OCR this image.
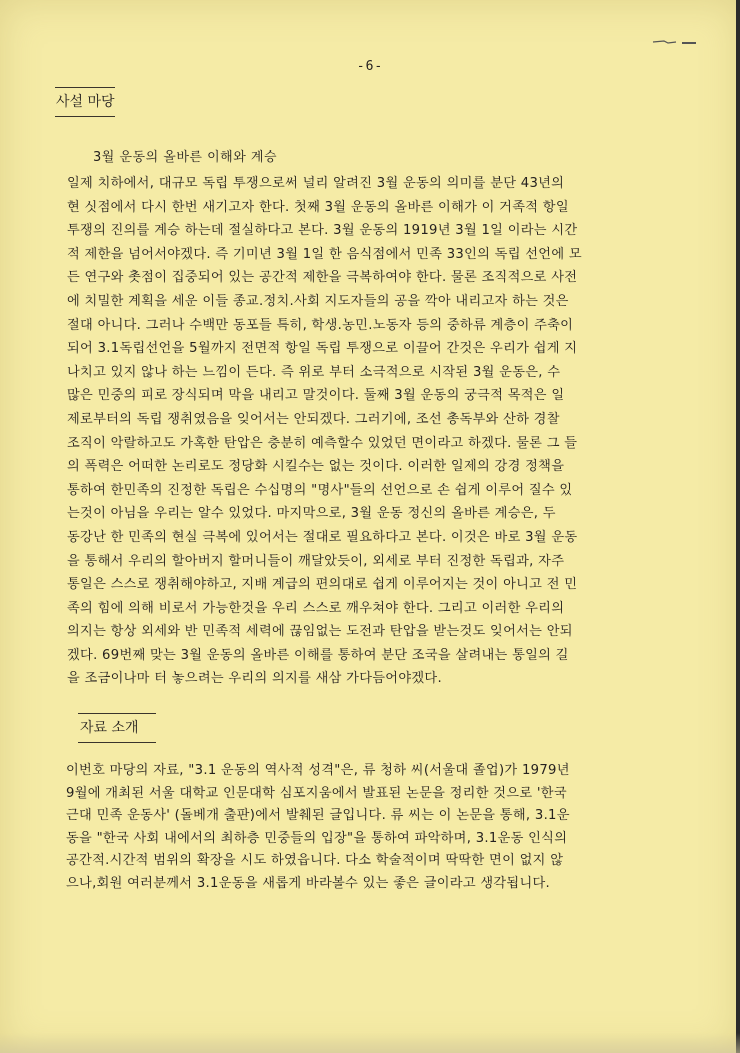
-6-
사설 마당
3월 운동의 올바른 이해와 계승
일제 치하에서, 대규모 독립 투쟁으로써 널리 알려진 3월 운동의 의미를 분단 43년의
현 싯점에서 다시 한번 새기고자 한다. 첫째 3월 운동의 올바른 이해가 이 거족적 항일
투쟁의 진의를 계승 하는데 절실하다고 본다. 3월 운동의 1919년 3월 1일 이라는 시간
적 제한을 넘어서야겠다. 즉 기미년 3월 1일 한 음식점에서 민족 33인의 독립 선언에 모
든 연구와 촛점이 집중되어 있는 공간적 제한을 극복하여야 한다. 물론 조직적으로 사전
에 치밀한 계획을 세운 이들 종교.정치.사회 지도자들의 공을 깍아 내리고자 하는 것은
절대 아니다. 그러나 수백만 동포들 특히, 학생.농민.노동자 등의 중하류 계층이 주축이
되어 3.1독립선언을 5월까지 전면적 항일 독립 투쟁으로 이끌어 간것은 우리가 쉽게 지
나치고 있지 않나 하는 느낌이 든다. 즉 위로 부터 소극적으로 시작된 3월 운동은, 수
많은 민중의 피로 장식되며 막을 내리고 말것이다. 둘째 3월 운동의 궁극적 목적은 일
제로부터의 독립 쟁취였음을 잊어서는 안되겠다. 그러기에, 조선 총독부와 산하 경찰
조직이 악랄하고도 가혹한 탄압은 충분히 예측할수 있었던 면이라고 하겠다. 물론 그 들
의 폭력은 어떠한 논리로도 정당화 시킬수는 없는 것이다. 이러한 일제의 강경 정책을
통하여 한민족의 진정한 독립은 수십명의 "명사"들의 선언으로 손 쉽게 이루어 질수 있
는것이 아님을 우리는 알수 있었다. 마지막으로, 3월 운동 정신의 올바른 계승은, 두
동강난 한 민족의 현실 극복에 있어서는 절대로 필요하다고 본다. 이것은 바로 3월 운동
을 통해서 우리의 할아버지 할머니들이 깨달았듯이, 외세로 부터 진정한 독립과, 자주
통일은 스스로 쟁취해야하고, 지배 계급의 편의대로 쉽게 이루어지는 것이 아니고 전 민
족의 힘에 의해 비로서 가능한것을 우리 스스로 깨우쳐야 한다. 그리고 이러한 우리의
의지는 항상 외세와 반 민족적 세력에 끊임없는 도전과 탄압을 받는것도 잊어서는 안되
겠다. 69번째 맞는 3월 운동의 올바른 이해를 통하여 분단 조국을 살려내는 통일의 길
을 조금이나마 터 놓으려는 우리의 의지를 새삼 가다듬어야겠다.
자료 소개
이번호 마당의 자료, "3.1 운동의 역사적 성격"은, 류 청하 씨(서울대 졸업)가 1979년
9월에 개최된 서울 대학교 인문대학 심포지움에서 발표된 논문을 정리한 것으로 '한국
근대 민족 운동사' (돌베개 출판)에서 발췌된 글입니다. 류 씨는 이 논문을 통해, 3.1운
동을 "한국 사회 내에서의 최하층 민중들의 입장"을 통하여 파악하며, 3.1운동 인식의
공간적.시간적 범위의 확장을 시도 하였읍니다. 다소 학술적이며 딱딱한 면이 없지 않
으나,회원 여러분께서 3.1운동을 새롭게 바라볼수 있는 좋은 글이라고 생각됩니다.
